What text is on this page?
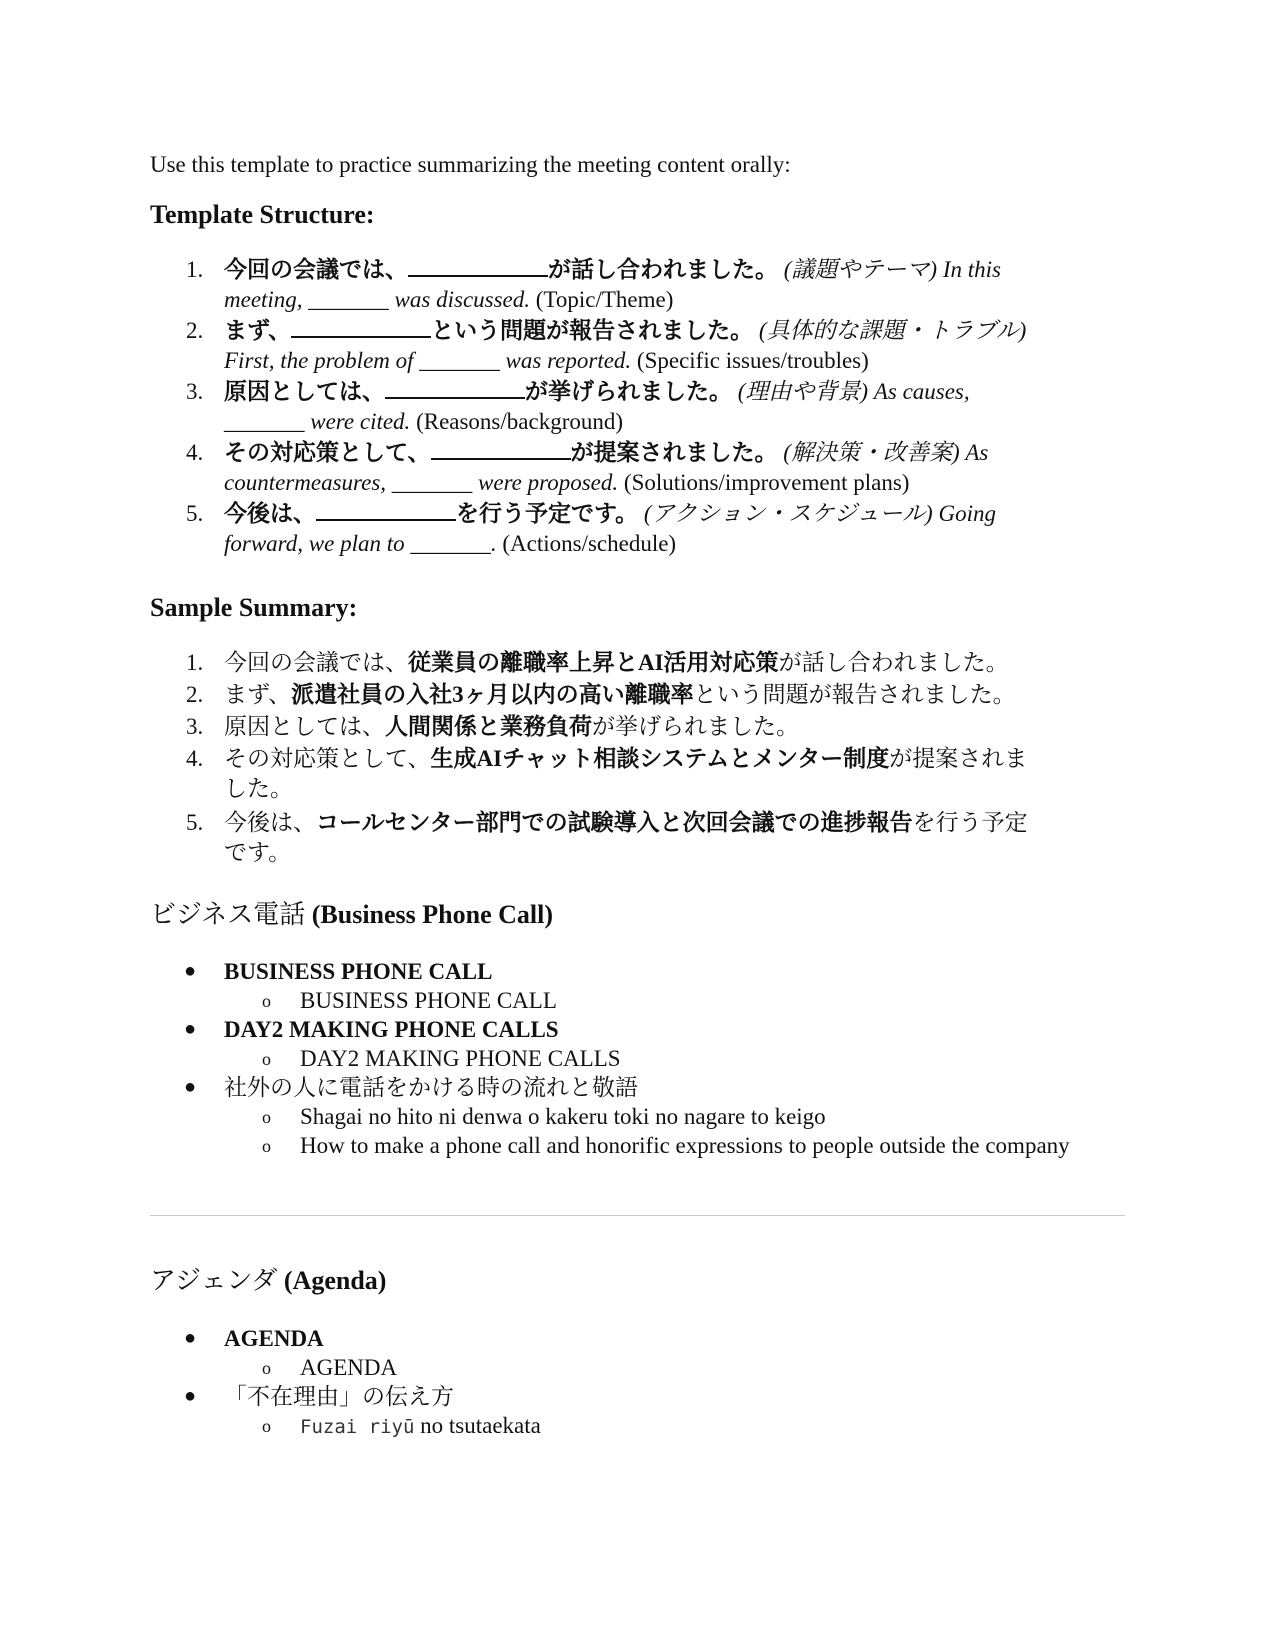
Use this template to practice summarizing the meeting content orally:

Template Structure:
1. 今回の会議では、	が話し合われました。 (議題やテーマ) In this meeting, _______ was discussed. (Topic/Theme)
2. まず、	という問題が報告されました。 (具体的な課題・トラブル) First, the problem of _______ was reported. (Specific issues/troubles)
3. 原因としては、	が挙げられました。 (理由や背景) As causes, _______ were cited. (Reasons/background)
4. その対応策として、	が提案されました。 (解決策・改善案) As countermeasures, _______ were proposed. (Solutions/improvement plans)
5. 今後は、	を行う予定です。 (アクション・スケジュール) Going forward, we plan to _______. (Actions/schedule)
Sample Summary:
1. 今回の会議では、従業員の離職率上昇とAI活用対応策が話し合われました。
2. まず、派遣社員の入社3ヶ月以内の高い離職率という問題が報告されました。
3. 原因としては、人間関係と業務負荷が挙げられました。
4. その対応策として、生成AIチャット相談システムとメンター制度が提案されました。
5. 今後は、コールセンター部門での試験導入と次回会議での進捗報告を行う予定です。
ビジネス電話 (Business Phone Call)
● BUSINESS PHONE CALL
o BUSINESS PHONE CALL
● DAY2 MAKING PHONE CALLS
o DAY2 MAKING PHONE CALLS
● 社外の人に電話をかける時の流れと敬語
o Shagai no hito ni denwa o kakeru toki no nagare to keigo
o How to make a phone call and honorific expressions to people outside the company
アジェンダ (Agenda)
● AGENDA
o AGENDA
● 「不在理由」の伝え方
o Fuzai riyū no tsutaekata
